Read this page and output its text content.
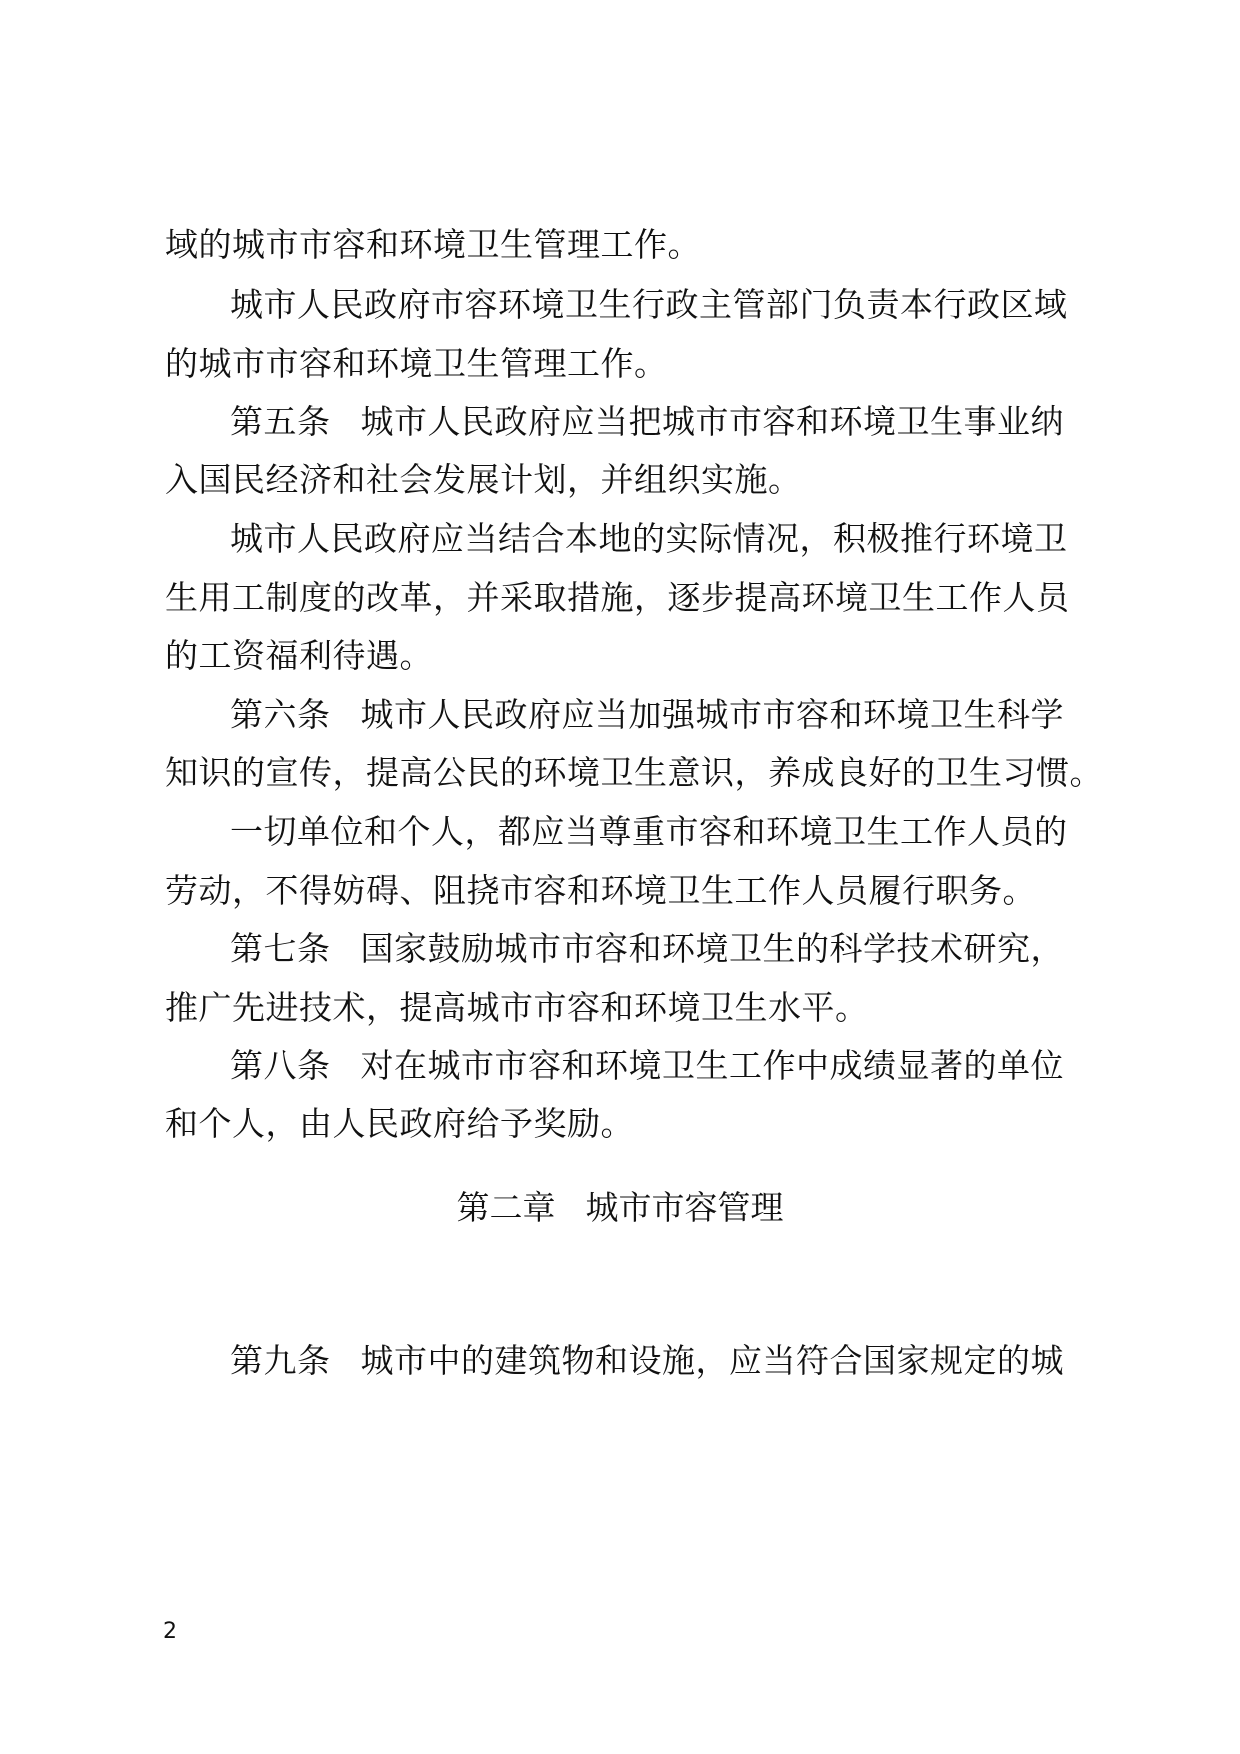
域的城市市容和环境卫生管理工作。
城市人民政府市容环境卫生行政主管部门负责本行政区域
的城市市容和环境卫生管理工作。
第五条 城市人民政府应当把城市市容和环境卫生事业纳
入国民经济和社会发展计划，并组织实施。
城市人民政府应当结合本地的实际情况，积极推行环境卫
生用工制度的改革，并采取措施，逐步提高环境卫生工作人员
的工资福利待遇。
第六条 城市人民政府应当加强城市市容和环境卫生科学
知识的宣传，提高公民的环境卫生意识，养成良好的卫生习惯。
一切单位和个人，都应当尊重市容和环境卫生工作人员的
劳动，不得妨碍、阻挠市容和环境卫生工作人员履行职务。
第七条 国家鼓励城市市容和环境卫生的科学技术研究，
推广先进技术，提高城市市容和环境卫生水平。
第八条 对在城市市容和环境卫生工作中成绩显著的单位
和个人，由人民政府给予奖励。
第二章 城市市容管理
第九条 城市中的建筑物和设施，应当符合国家规定的城
2
